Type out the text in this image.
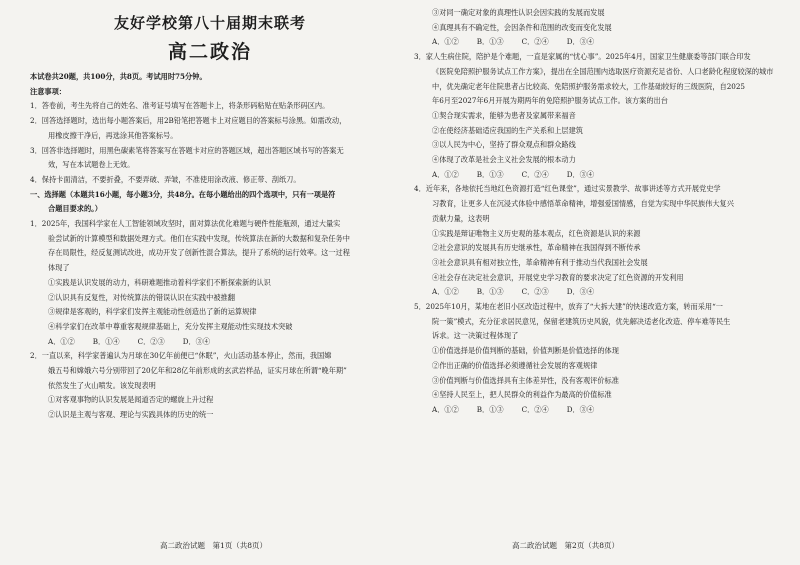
友好学校第八十届期末联考

高二政治

本试卷共20题，共100分，共8页。考试用时75分钟。

注意事项：

1．答卷前，考生先将自己的姓名、准考证号填写在答题卡上，将条形码粘贴在贴条形码区内。

2．回答选择题时，选出每小题答案后，用2B铅笔把答题卡上对应题目的答案标号涂黑。如需改动，

用橡皮擦干净后，再选涂其他答案标号。

3．回答非选择题时，用黑色碳素笔将答案写在答题卡对应的答题区域，超出答题区域书写的答案无

效，写在本试题卷上无效。

4．保持卡面清洁，不要折叠，不要弄破、弄皱，不准使用涂改液、修正带、刮纸刀。

一、选择题（本题共16小题，每小题3分，共48分。在每小题给出的四个选项中，只有一项是符

合题目要求的。）

1．2025年，我国科学家在人工智能领域攻坚时，面对算法优化难题与硬件性能瓶颈，通过大量实

验尝试新的计算模型和数据处理方式。他们在实践中发现，传统算法在新的大数据和复杂任务中

存在局限性，经反复测试改进，成功开发了创新性混合算法，提升了系统的运行效率。这一过程

体现了

①实践是认识发展的动力，科研难题推动着科学家们不断探索新的认识

②认识具有反复性，对传统算法的错误认识在实践中被推翻

③规律是客观的，科学家们发挥主观能动性创造出了新的运算规律

④科学家们在改革中尊重客观规律基础上，充分发挥主观能动性实现技术突破

A．①②	B．①④	C．②③	D．③④

2．一直以来，科学家普遍认为月球在30亿年前便已“休眠”，火山活动基本停止，然而，我国嫦

娥五号和嫦娥六号分别带回了20亿年和28亿年前形成的玄武岩样品，证实月球在所谓“晚年期”

依然发生了火山喷发。该发现表明

①对客观事物的认识发展是闻道否定的螺旋上升过程

②认识是主观与客观、理论与实践具体的历史的统一

高二政治试题　第1页（共8页）

③对同一确定对象的真理性认识会因实践的发展而发展

④真理具有不确定性，会因条件和范围的改变而变化发展

A．①②	B．①③	C．②④	D．③④

3．家人生病住院，陪护是个难题，一直是家属的“忧心事”。2025年4月，国家卫生健康委等部门联合印发

《医院免陪照护服务试点工作方案》，提出在全国范围内选取医疗资源充足省份、人口老龄化程度较深的城市

中，优先确定老年住院患者占比较高、免陪照护服务需求较大，工作基础较好的三级医院，自2025

年6月至2027年6月开展为期两年的免陪照护服务试点工作。该方案的出台

①契合现实需求，能够为患者及家属带来福音

②在使经济基础适应我国的生产关系和上层建筑

③以人民为中心，坚持了群众观点和群众路线

④体现了改革是社会主义社会发展的根本动力

A．①②	B．①③	C．②④	D．③④

4．近年来，各地依托当地红色资源打造“红色课堂”，通过实景教学、故事讲述等方式开展党史学

习教育，让更多人在沉浸式体验中感悟革命精神，增强爱国情感，自觉为实现中华民族伟大复兴

贡献力量，这表明

①实践是辩证唯物主义历史观的基本观点，红色资源是认识的来源

②社会意识的发展具有历史继承性，革命精神在我国得到不断传承

③社会意识具有相对独立性，革命精神有利于推动当代我国社会发展

④社会存在决定社会意识，开展党史学习教育的要求决定了红色资源的开发利用

A．①②	B．①③	C．②③	D．③④

5．2025年10月，某地在老旧小区改造过程中，放弃了“大拆大建”的快速改造方案，转而采用“一

院一策”模式，充分征求居民意见，保留老建筑历史风貌，优先解决适老化改造、停车难等民生

诉求。这一决策过程体现了

①价值选择是价值判断的基础，价值判断是价值选择的体现

②作出正确的价值选择必须遵循社会发展的客观规律

③价值判断与价值选择具有主体差异性，没有客观评价标准

④坚持人民至上，把人民群众的利益作为最高的价值标准

A．①②	B．①③	C．②④	D．③④
高二政治试题　第2页（共8页）
